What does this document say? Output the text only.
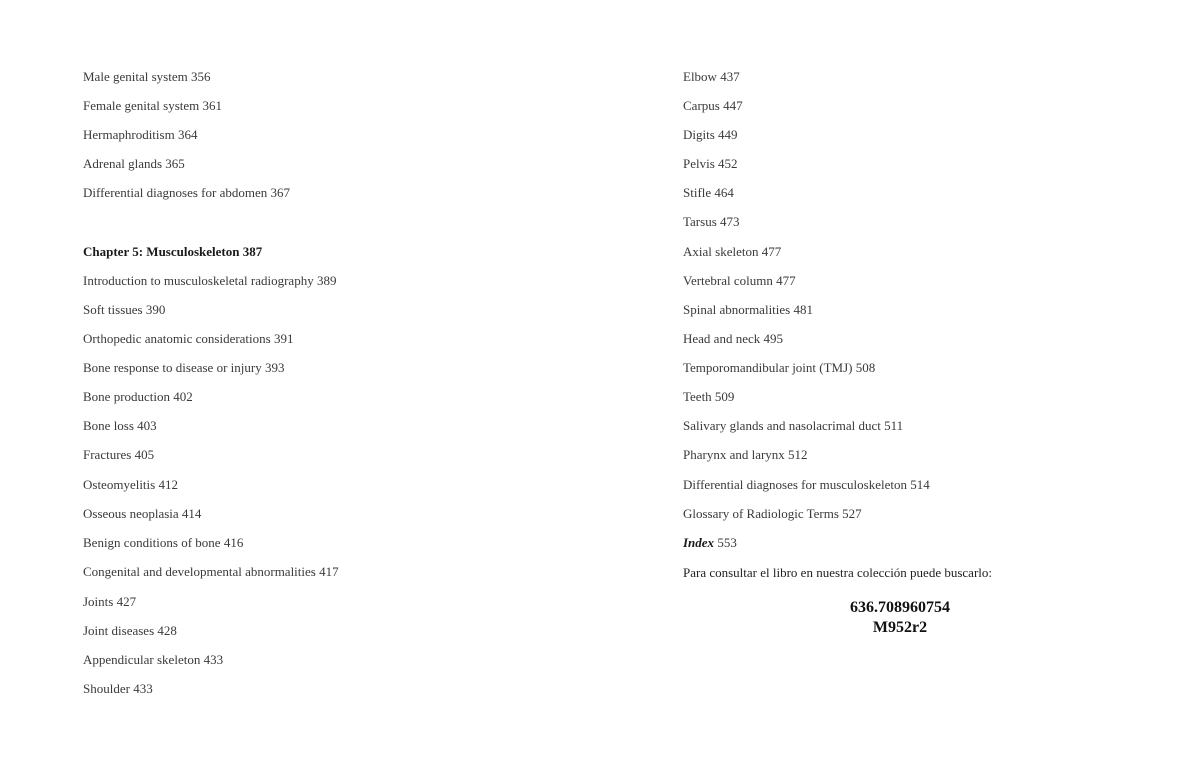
Male genital system 356
Female genital system 361
Hermaphroditism 364
Adrenal glands 365
Differential diagnoses for abdomen 367
Chapter 5: Musculoskeleton 387
Introduction to musculoskeletal radiography 389
Soft tissues 390
Orthopedic anatomic considerations 391
Bone response to disease or injury 393
Bone production 402
Bone loss 403
Fractures 405
Osteomyelitis 412
Osseous neoplasia 414
Benign conditions of bone 416
Congenital and developmental abnormalities 417
Joints 427
Joint diseases 428
Appendicular skeleton 433
Shoulder 433
Elbow 437
Carpus 447
Digits 449
Pelvis 452
Stifle 464
Tarsus 473
Axial skeleton 477
Vertebral column 477
Spinal abnormalities 481
Head and neck 495
Temporomandibular joint (TMJ) 508
Teeth 509
Salivary glands and nasolacrimal duct 511
Pharynx and larynx 512
Differential diagnoses for musculoskeleton 514
Glossary of Radiologic Terms 527
Index 553
Para consultar el libro en nuestra colección puede buscarlo:
636.708960754
M952r2
